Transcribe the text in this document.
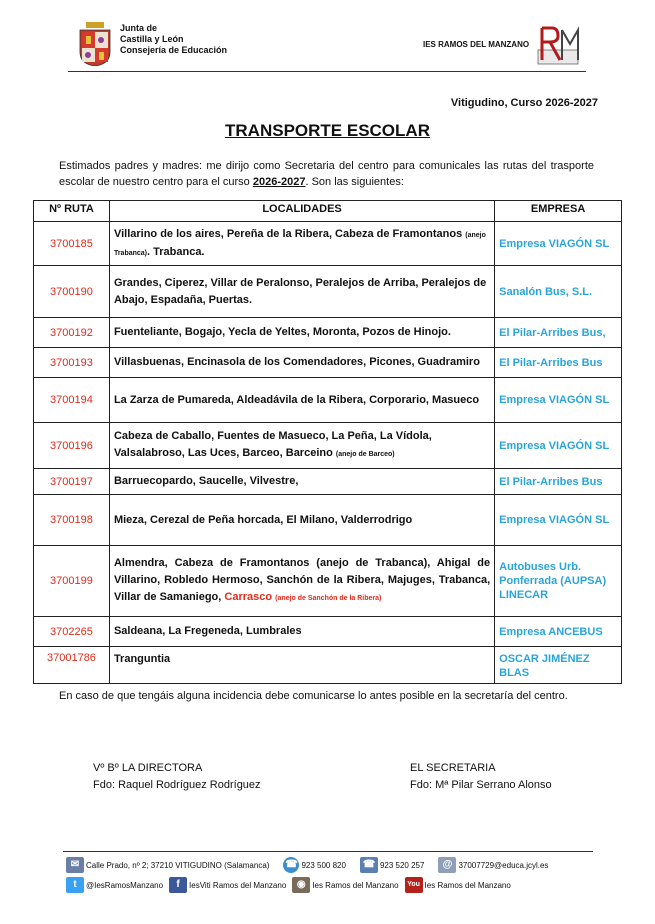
Junta de
Castilla y León
Consejería de Educación
IES RAMOS DEL MANZANO
Vitigudino, Curso 2026-2027
TRANSPORTE ESCOLAR
Estimados padres y madres: me dirijo como Secretaria del centro para comunicales las rutas del trasporte escolar de nuestro centro para el curso 2026-2027. Son las siguientes:
Nº RUTA	LOCALIDADES	EMPRESA
3700185	Villarino de los aires, Pereña de la Ribera, Cabeza de Framontanos (anejo Trabanca). Trabanca.	Empresa VIAGÓN SL
3700190	Grandes, Ciperez, Villar de Peralonso, Peralejos de Arriba, Peralejos de Abajo, Espadaña, Puertas.	Sanalón Bus, S.L.
3700192	Fuenteliante, Bogajo, Yecla de Yeltes, Moronta, Pozos de Hinojo.	El Pilar-Arribes Bus,
3700193	Villasbuenas, Encinasola de los Comendadores, Picones, Guadramiro	El Pilar-Arribes Bus
3700194	La Zarza de Pumareda, Aldeadávila de la Ribera, Corporario, Masueco	Empresa VIAGÓN SL
3700196	Cabeza de Caballo, Fuentes de Masueco, La Peña, La Vídola, Valsalabroso, Las Uces, Barceo, Barceino (anejo de Barceo)	Empresa VIAGÓN SL
3700197	Barruecopardo, Saucelle, Vilvestre,	El Pilar-Arribes Bus
3700198	Mieza, Cerezal de Peña horcada, El Milano, Valderrodrigo	Empresa VIAGÓN SL
3700199	Almendra, Cabeza de Framontanos (anejo de Trabanca), Ahigal de Villarino, Robledo Hermoso, Sanchón de la Ribera, Majuges, Trabanca, Villar de Samaniego, Carrasco (anejo de Sanchón de la Ribera)	Autobuses Urb. Ponferrada (AUPSA) LINECAR
3702265	Saldeana, La Fregeneda, Lumbrales	Empresa ANCEBUS
37001786	Tranguntia	OSCAR JIMÉNEZ BLAS
En caso de que tengáis alguna incidencia debe comunicarse lo antes posible en la secretaría del centro.
Vº Bº LA DIRECTORA
Fdo: Raquel Rodríguez Rodríguez
EL SECRETARIA
Fdo: Mª Pilar Serrano Alonso
✉ Calle Prado, nº 2; 37210 VITIGUDINO (Salamanca) ☎ 923 500 820 ☎ 923 520 257	@ 37007729@educa.jcyl.es
t	@IesRamosManzano	f	IesViti Ramos del Manzano	◉ Ies Ramos del Manzano	You Ies Ramos del Manzano
